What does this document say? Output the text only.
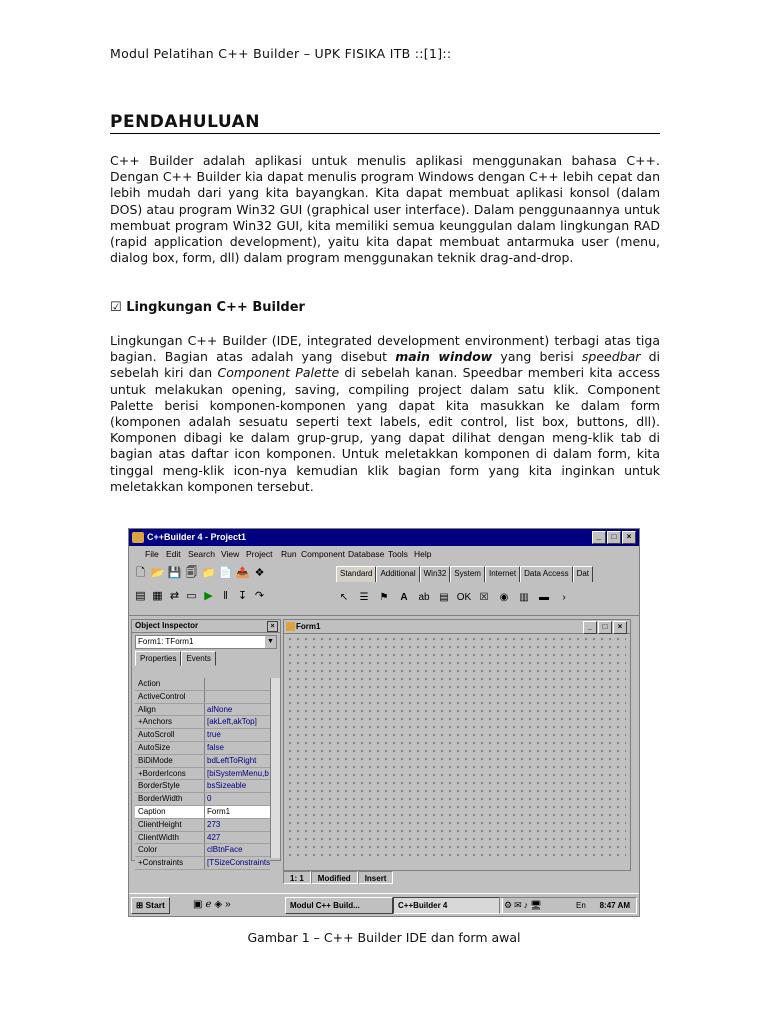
Modul Pelatihan C++ Builder – UPK FISIKA ITB ::[1]::
PENDAHULUAN
C++ Builder adalah aplikasi untuk menulis aplikasi menggunakan bahasa C++. Dengan C++ Builder kia dapat menulis program Windows dengan C++ lebih cepat dan lebih mudah dari yang kita bayangkan. Kita dapat membuat aplikasi konsol (dalam DOS) atau program Win32 GUI (graphical user interface). Dalam penggunaannya untuk membuat program Win32 GUI, kita memiliki semua keunggulan dalam lingkungan RAD (rapid application development), yaitu kita dapat membuat antarmuka user (menu, dialog box, form, dll) dalam program menggunakan teknik drag-and-drop.
☑ Lingkungan C++ Builder
Lingkungan C++ Builder (IDE, integrated development environment) terbagi atas tiga bagian. Bagian atas adalah yang disebut main window yang berisi speedbar di sebelah kiri dan Component Palette di sebelah kanan. Speedbar memberi kita access untuk melakukan opening, saving, compiling project dalam satu klik. Component Palette berisi komponen-komponen yang dapat kita masukkan ke dalam form (komponen adalah sesuatu seperti text labels, edit control, list box, buttons, dll). Komponen dibagi ke dalam grup-grup, yang dapat dilihat dengan meng-klik tab di bagian atas daftar icon komponen. Untuk meletakkan komponen di dalam form, kita tinggal meng-klik icon-nya kemudian klik bagian form yang kita inginkan untuk meletakkan komponen tersebut.
C++Builder 4 - Project1	_	□	×
File Edit Search View Project Run Component Database Tools Help
🗋 📂 💾 🗐 📁 📄 📤 ❖
▤ ▦ ⇄ ▭ ▶ ‖ ↧ ↷
Standard	Additional	Win32	System	Internet	Data Access	Dat
↖	☰	⚑	A	ab ▤ OK ☒	◉	▥	▬	›
Object Inspector	×
Form1: TForm1	▼
Properties	Events
Action
ActiveControl
Align	alNone
+Anchors	[akLeft,akTop]
AutoScroll	true
AutoSize	false
BiDiMode	bdLeftToRight
+BorderIcons	[biSystemMenu,b
BorderStyle	bsSizeable
BorderWidth	0
Caption	Form1
ClientHeight	273
ClientWidth	427
Color	clBtnFace
+Constraints	[TSizeConstraints
Form1	_	□	×
1: 1	Modified	Insert
⊞ Start	▣ℯ◈»	Modul C++ Build...	C++Builder 4	⚙✉♪🖥	En 8:47 AM
Gambar 1 – C++ Builder IDE dan form awal
